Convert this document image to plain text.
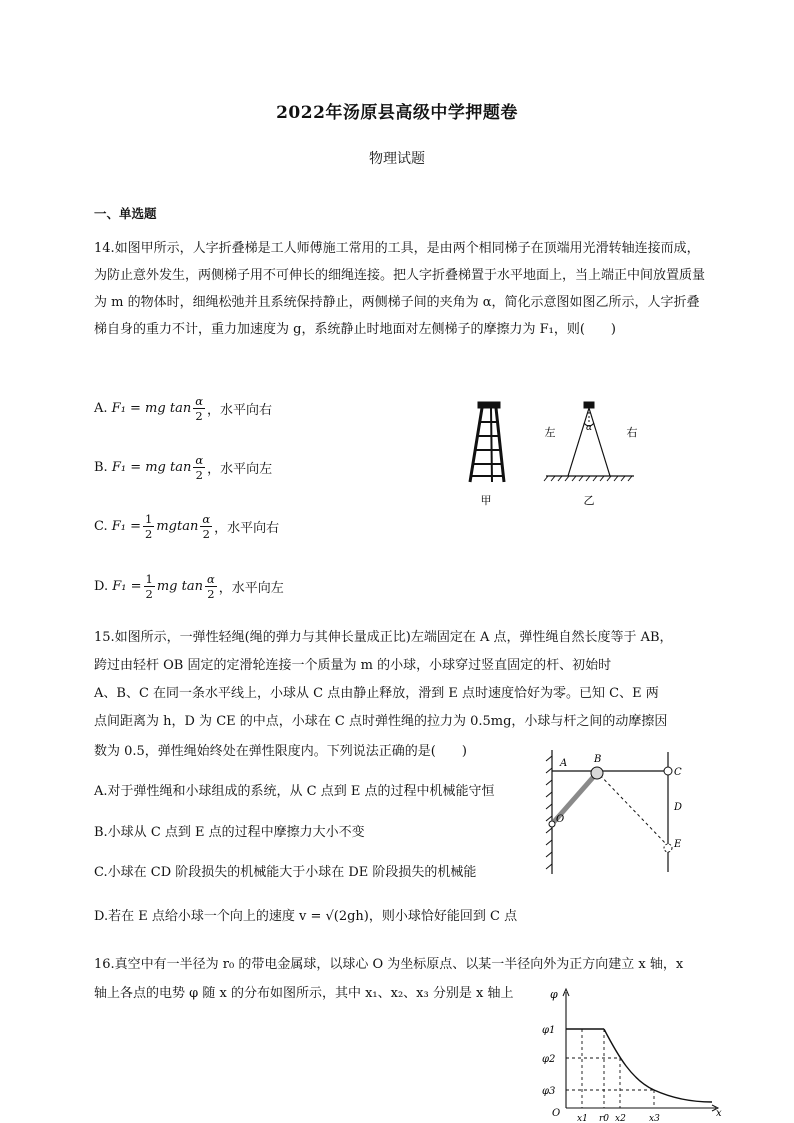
2022年汤原县高级中学押题卷
物理试题
一、单选题
14.如图甲所示，人字折叠梯是工人师傅施工常用的工具，是由两个相同梯子在顶端用光滑转轴连接而成，为防止意外发生，两侧梯子用不可伸长的细绳连接。把人字折叠梯置于水平地面上，当上端正中间放置质量为 m 的物体时，细绳松弛并且系统保持静止，两侧梯子间的夹角为 α，简化示意图如图乙所示，人字折叠梯自身的重力不计，重力加速度为 g，系统静止时地面对左侧梯子的摩擦力为 F₁，则(　　)
A.
F₁ = mg $\tan \frac{\alpha}{2}$ ，水平向右
B.
F₁ = mg $\tan \frac{\alpha}{2}$ ，水平向左
C.
$F_1 = \frac{1}{2}$ mgtan $\frac{\alpha}{2}$ ，水平向右
D.
$F_1 = \frac{1}{2}$ mg $\tan \frac{\alpha}{2}$ ，水平向左
甲
α
左	右
乙
15.如图所示，一弹性轻绳(绳的弹力与其伸长量成正比)左端固定在 A 点，弹性绳自然长度等于 AB，
跨过由轻杆 OB 固定的定滑轮连接一个质量为 m 的小球，小球穿过竖直固定的杆、初始时
A、B、C 在同一条水平线上，小球从 C 点由静止释放，滑到 E 点时速度恰好为零。已知 C、E 两
点间距离为 h，D 为 CE 的中点，小球在 C 点时弹性绳的拉力为 0.5mg，小球与杆之间的动摩擦因
数为 0.5，弹性绳始终处在弹性限度内。下列说法正确的是(　　)
A.对于弹性绳和小球组成的系统，从 C 点到 E 点的过程中机械能守恒
B.小球从 C 点到 E 点的过程中摩擦力大小不变
C.小球在 CD 阶段损失的机械能大于小球在 DE 阶段损失的机械能
D.若在 E 点给小球一个向上的速度 v = √(2gh)，则小球恰好能回到 C 点
A	B
C
D
E
O
16.真空中有一半径为 r₀ 的带电金属球，以球心 O 为坐标原点、以某一半径向外为正方向建立 x 轴，x
轴上各点的电势 φ 随 x 的分布如图所示，其中 x₁、x₂、x₃ 分别是 x 轴上	φ
x
O
φ1
φ2
φ3
x1 r0 x2	x3
